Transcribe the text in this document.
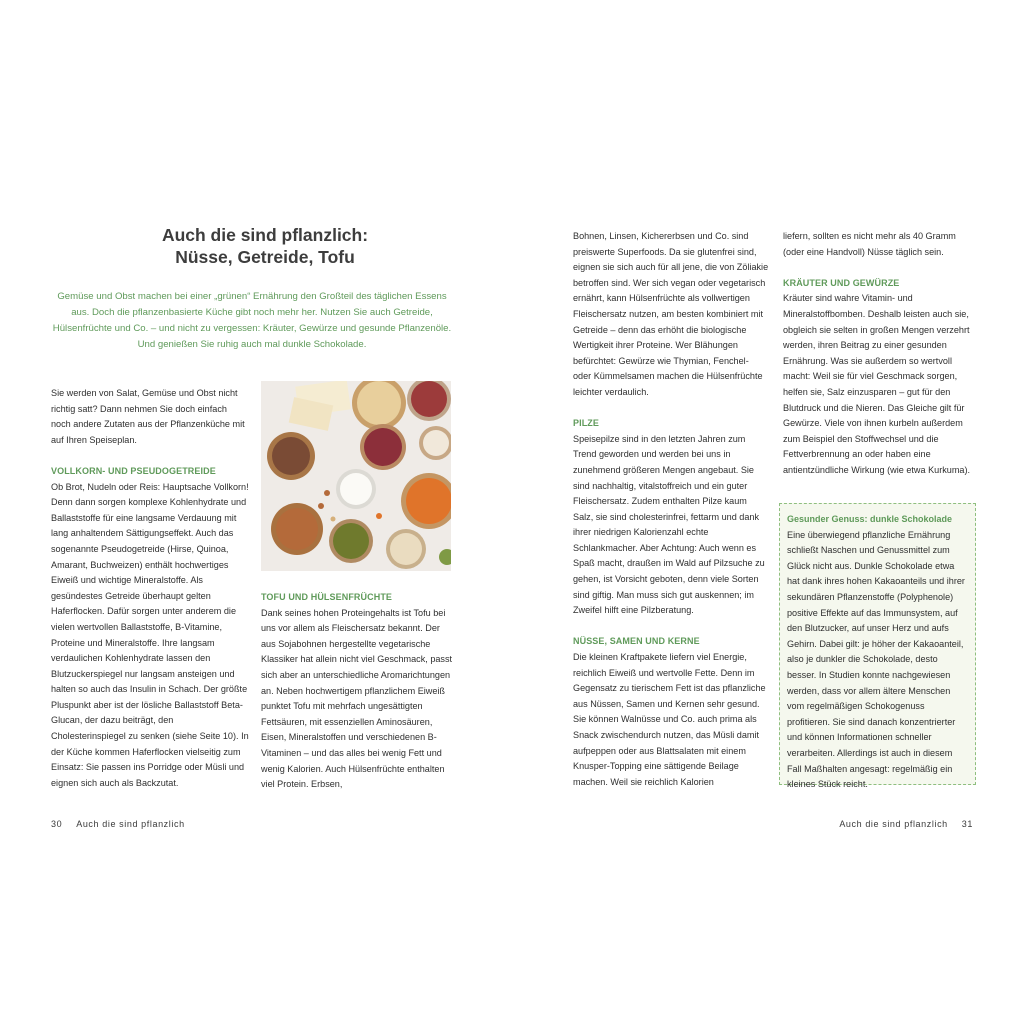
Auch die sind pflanzlich:
Nüsse, Getreide, Tofu

Gemüse und Obst machen bei einer „grünen“ Ernährung den Großteil des täglichen Essens aus. Doch die pflanzenbasierte Küche gibt noch mehr her. Nutzen Sie auch Getreide, Hülsenfrüchte und Co. – und nicht zu vergessen: Kräuter, Gewürze und gesunde Pflanzenöle. Und genießen Sie ruhig auch mal dunkle Schokolade.

Sie werden von Salat, Gemüse und Obst nicht richtig satt? Dann nehmen Sie doch einfach noch andere Zutaten aus der Pflanzenküche mit auf Ihren Speiseplan.

VOLLKORN- UND PSEUDOGETREIDE

Ob Brot, Nudeln oder Reis: Hauptsache Vollkorn! Denn dann sorgen komplexe Kohlenhydrate und Ballaststoffe für eine langsame Verdauung mit lang anhaltendem Sättigungseffekt. Auch das sogenannte Pseudogetreide (Hirse, Quinoa, Amarant, Buchweizen) enthält hochwertiges Eiweiß und wichtige Mineralstoffe. Als gesündestes Getreide überhaupt gelten Haferflocken. Dafür sorgen unter anderem die vielen wertvollen Ballaststoffe, B-Vitamine, Proteine und Mineralstoffe. Ihre langsam verdaulichen Kohlenhydrate lassen den Blutzuckerspiegel nur langsam ansteigen und halten so auch das Insulin in Schach. Der größte Pluspunkt aber ist der lösliche Ballaststoff Beta-Glucan, der dazu beiträgt, den Cholesterinspiegel zu senken (siehe Seite 10). In der Küche kommen Haferflocken vielseitig zum Einsatz: Sie passen ins Porridge oder Müsli und eignen sich auch als Backzutat.

TOFU UND HÜLSENFRÜCHTE

Dank seines hohen Proteingehalts ist Tofu bei uns vor allem als Fleischersatz bekannt. Der aus Sojabohnen hergestellte vegetarische Klassiker hat allein nicht viel Geschmack, passt sich aber an unterschiedliche Aromarichtungen an. Neben hochwertigem pflanzlichem Eiweiß punktet Tofu mit mehrfach ungesättigten Fettsäuren, mit essenziellen Aminosäuren, Eisen, Mineralstoffen und verschiedenen B-Vitaminen – und das alles bei wenig Fett und wenig Kalorien. Auch Hülsenfrüchte enthalten viel Protein. Erbsen,

30 Auch die sind pflanzlich

Bohnen, Linsen, Kichererbsen und Co. sind preiswerte Superfoods. Da sie glutenfrei sind, eignen sie sich auch für all jene, die von Zöliakie betroffen sind. Wer sich vegan oder vegetarisch ernährt, kann Hülsenfrüchte als vollwertigen Fleischersatz nutzen, am besten kombiniert mit Getreide – denn das erhöht die biologische Wertigkeit ihrer Proteine. Wer Blähungen befürchtet: Gewürze wie Thymian, Fenchel- oder Kümmelsamen machen die Hülsenfrüchte leichter verdaulich.

PILZE

Speisepilze sind in den letzten Jahren zum Trend geworden und werden bei uns in zunehmend größeren Mengen angebaut. Sie sind nachhaltig, vitalstoffreich und ein guter Fleischersatz. Zudem enthalten Pilze kaum Salz, sie sind cholesterinfrei, fettarm und dank ihrer niedrigen Kalorienzahl echte Schlankmacher. Aber Achtung: Auch wenn es Spaß macht, draußen im Wald auf Pilzsuche zu gehen, ist Vorsicht geboten, denn viele Sorten sind giftig. Man muss sich gut auskennen; im Zweifel hilft eine Pilzberatung.

NÜSSE, SAMEN UND KERNE

Die kleinen Kraftpakete liefern viel Energie, reichlich Eiweiß und wertvolle Fette. Denn im Gegensatz zu tierischem Fett ist das pflanzliche aus Nüssen, Samen und Kernen sehr gesund. Sie können Walnüsse und Co. auch prima als Snack zwischendurch nutzen, das Müsli damit aufpeppen oder aus Blattsalaten mit einem Knusper-Topping eine sättigende Beilage machen. Weil sie reichlich Kalorien

liefern, sollten es nicht mehr als 40 Gramm (oder eine Handvoll) Nüsse täglich sein.

KRÄUTER UND GEWÜRZE

Kräuter sind wahre Vitamin- und Mineralstoffbomben. Deshalb leisten auch sie, obgleich sie selten in großen Mengen verzehrt werden, ihren Beitrag zu einer gesunden Ernährung. Was sie außerdem so wertvoll macht: Weil sie für viel Geschmack sorgen, helfen sie, Salz einzusparen – gut für den Blutdruck und die Nieren. Das Gleiche gilt für Gewürze. Viele von ihnen kurbeln außerdem zum Beispiel den Stoffwechsel und die Fettverbrennung an oder haben eine antientzündliche Wirkung (wie etwa Kurkuma).

Gesunder Genuss: dunkle Schokolade

Eine überwiegend pflanzliche Ernährung schließt Naschen und Genussmittel zum Glück nicht aus. Dunkle Schokolade etwa hat dank ihres hohen Kakaoanteils und ihrer sekundären Pflanzenstoffe (Polyphenole) positive Effekte auf das Immunsystem, auf den Blutzucker, auf unser Herz und aufs Gehirn. Dabei gilt: je höher der Kakaoanteil, also je dunkler die Schokolade, desto besser. In Studien konnte nachgewiesen werden, dass vor allem ältere Menschen vom regelmäßigen Schokogenuss profitieren. Sie sind danach konzentrierter und können Informationen schneller verarbeiten. Allerdings ist auch in diesem Fall Maßhalten angesagt: regelmäßig ein kleines Stück reicht.

Auch die sind pflanzlich 31
